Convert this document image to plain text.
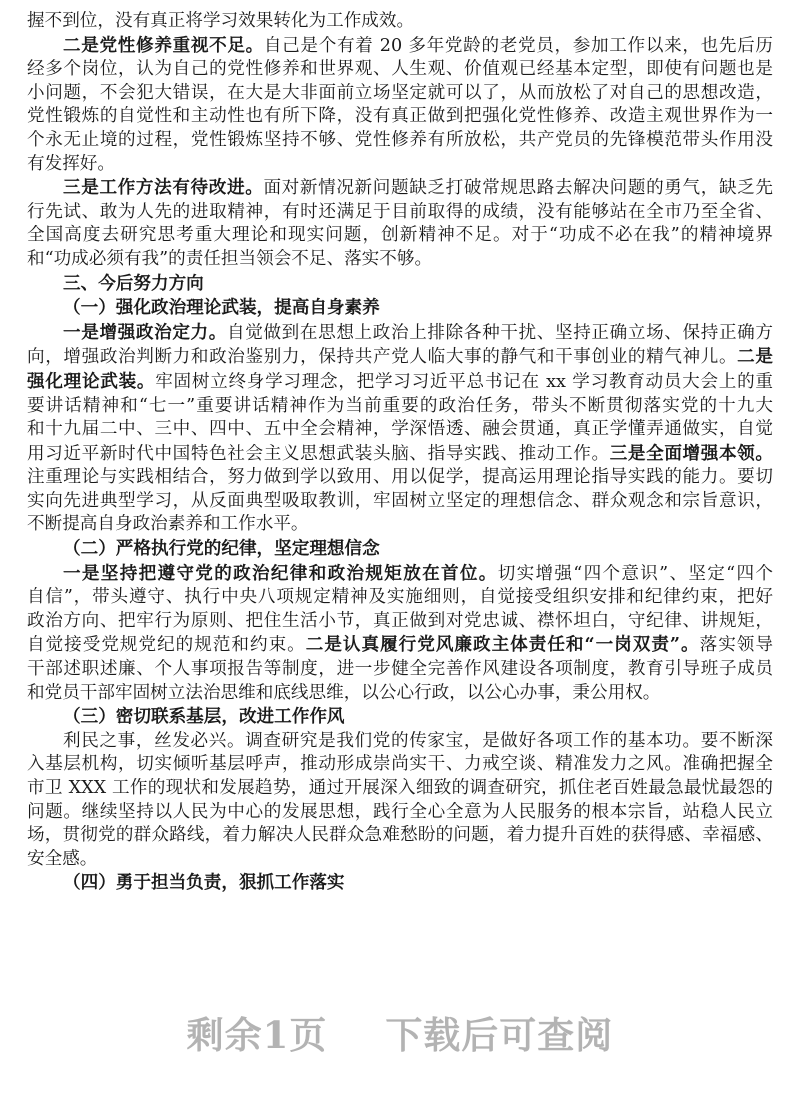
握不到位，没有真正将学习效果转化为工作成效。
二是党性修养重视不足。自己是个有着 20 多年党龄的老党员，参加工作以来，也先后历
经多个岗位，认为自己的党性修养和世界观、人生观、价值观已经基本定型，即使有问题也是
小问题，不会犯大错误，在大是大非面前立场坚定就可以了，从而放松了对自己的思想改造，
党性锻炼的自觉性和主动性也有所下降，没有真正做到把强化党性修养、改造主观世界作为一
个永无止境的过程，党性锻炼坚持不够、党性修养有所放松，共产党员的先锋模范带头作用没
有发挥好。
三是工作方法有待改进。面对新情况新问题缺乏打破常规思路去解决问题的勇气，缺乏先
行先试、敢为人先的进取精神，有时还满足于目前取得的成绩，没有能够站在全市乃至全省、
全国高度去研究思考重大理论和现实问题，创新精神不足。对于“功成不必在我”的精神境界
和“功成必须有我”的责任担当领会不足、落实不够。
三、今后努力方向
（一）强化政治理论武装，提高自身素养
一是增强政治定力。自觉做到在思想上政治上排除各种干扰、坚持正确立场、保持正确方
向，增强政治判断力和政治鉴别力，保持共产党人临大事的静气和干事创业的精气神儿。二是
强化理论武装。牢固树立终身学习理念，把学习习近平总书记在 xx 学习教育动员大会上的重
要讲话精神和“七一”重要讲话精神作为当前重要的政治任务，带头不断贯彻落实党的十九大
和十九届二中、三中、四中、五中全会精神，学深悟透、融会贯通，真正学懂弄通做实，自觉
用习近平新时代中国特色社会主义思想武装头脑、指导实践、推动工作。三是全面增强本领。
注重理论与实践相结合，努力做到学以致用、用以促学，提高运用理论指导实践的能力。要切
实向先进典型学习，从反面典型吸取教训，牢固树立坚定的理想信念、群众观念和宗旨意识，
不断提高自身政治素养和工作水平。
（二）严格执行党的纪律，坚定理想信念
一是坚持把遵守党的政治纪律和政治规矩放在首位。切实增强“四个意识”、坚定“四个
自信”，带头遵守、执行中央八项规定精神及实施细则，自觉接受组织安排和纪律约束，把好
政治方向、把牢行为原则、把住生活小节，真正做到对党忠诚、襟怀坦白，守纪律、讲规矩，
自觉接受党规党纪的规范和约束。二是认真履行党风廉政主体责任和“一岗双责”。落实领导
干部述职述廉、个人事项报告等制度，进一步健全完善作风建设各项制度，教育引导班子成员
和党员干部牢固树立法治思维和底线思维，以公心行政，以公心办事，秉公用权。
（三）密切联系基层，改进工作作风
利民之事，丝发必兴。调查研究是我们党的传家宝，是做好各项工作的基本功。要不断深
入基层机构，切实倾听基层呼声，推动形成崇尚实干、力戒空谈、精准发力之风。准确把握全
市卫 XXX 工作的现状和发展趋势，通过开展深入细致的调查研究，抓住老百姓最急最忧最怨的
问题。继续坚持以人民为中心的发展思想，践行全心全意为人民服务的根本宗旨，站稳人民立
场，贯彻党的群众路线，着力解决人民群众急难愁盼的问题，着力提升百姓的获得感、幸福感、
安全感。
（四）勇于担当负责，狠抓工作落实
剩余1页 下载后可查阅
